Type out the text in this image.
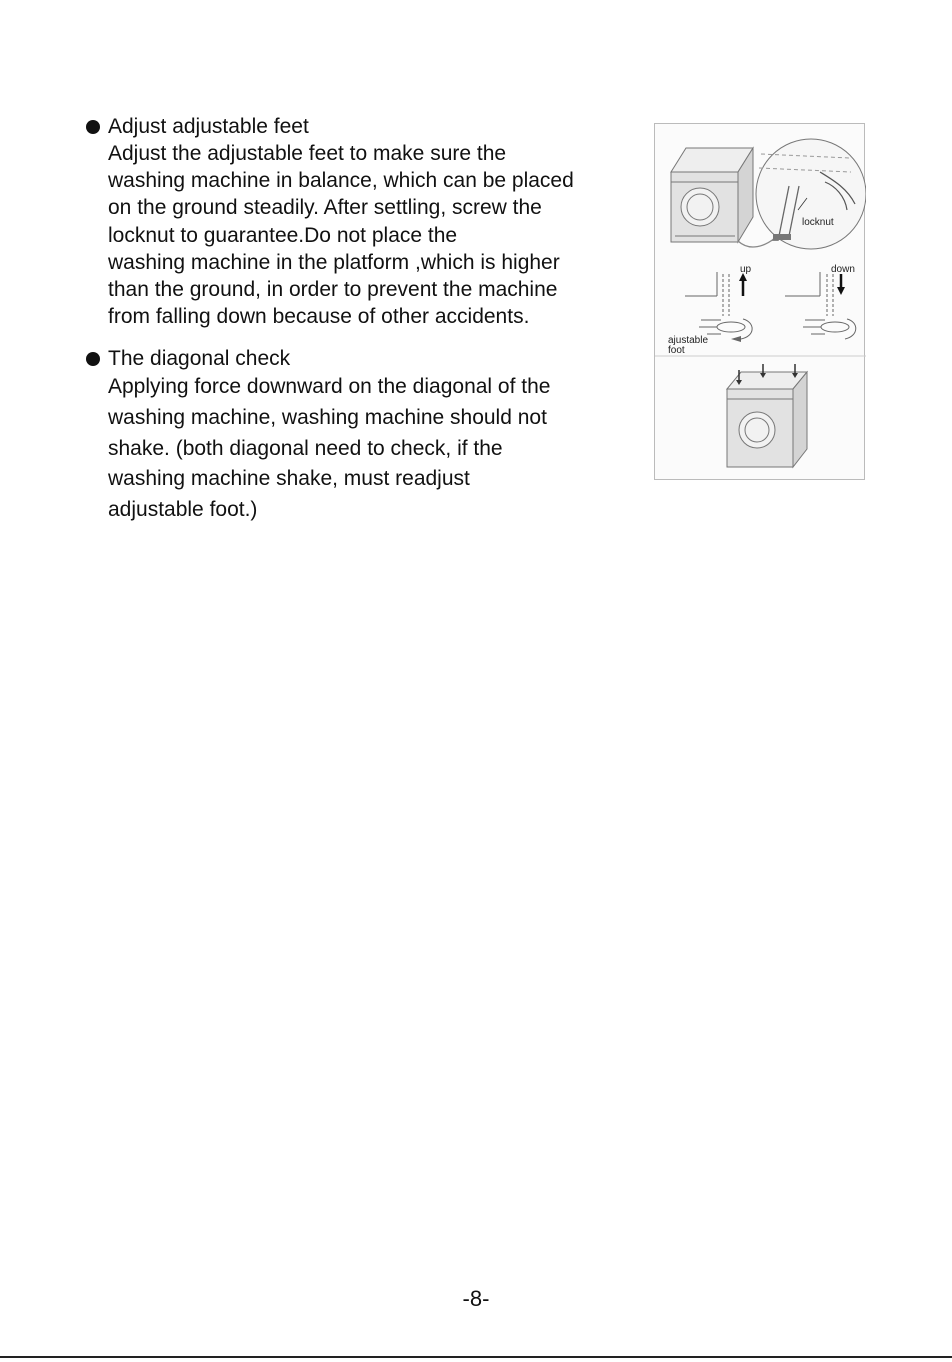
Adjust adjustable feet
Adjust the adjustable feet to make sure the
washing machine in balance, which can be placed
on the ground steadily. After settling, screw the
locknut to guarantee.Do not place the
washing machine in the platform ,which is higher
than the ground, in order to prevent the machine
from falling down because of other accidents.
The diagonal check
Applying force downward on the diagonal of the
washing machine, washing machine should not
shake. (both diagonal need to check, if the
washing machine shake, must readjust
adjustable foot.)
locknut
up	down
ajustable
foot
-8-
